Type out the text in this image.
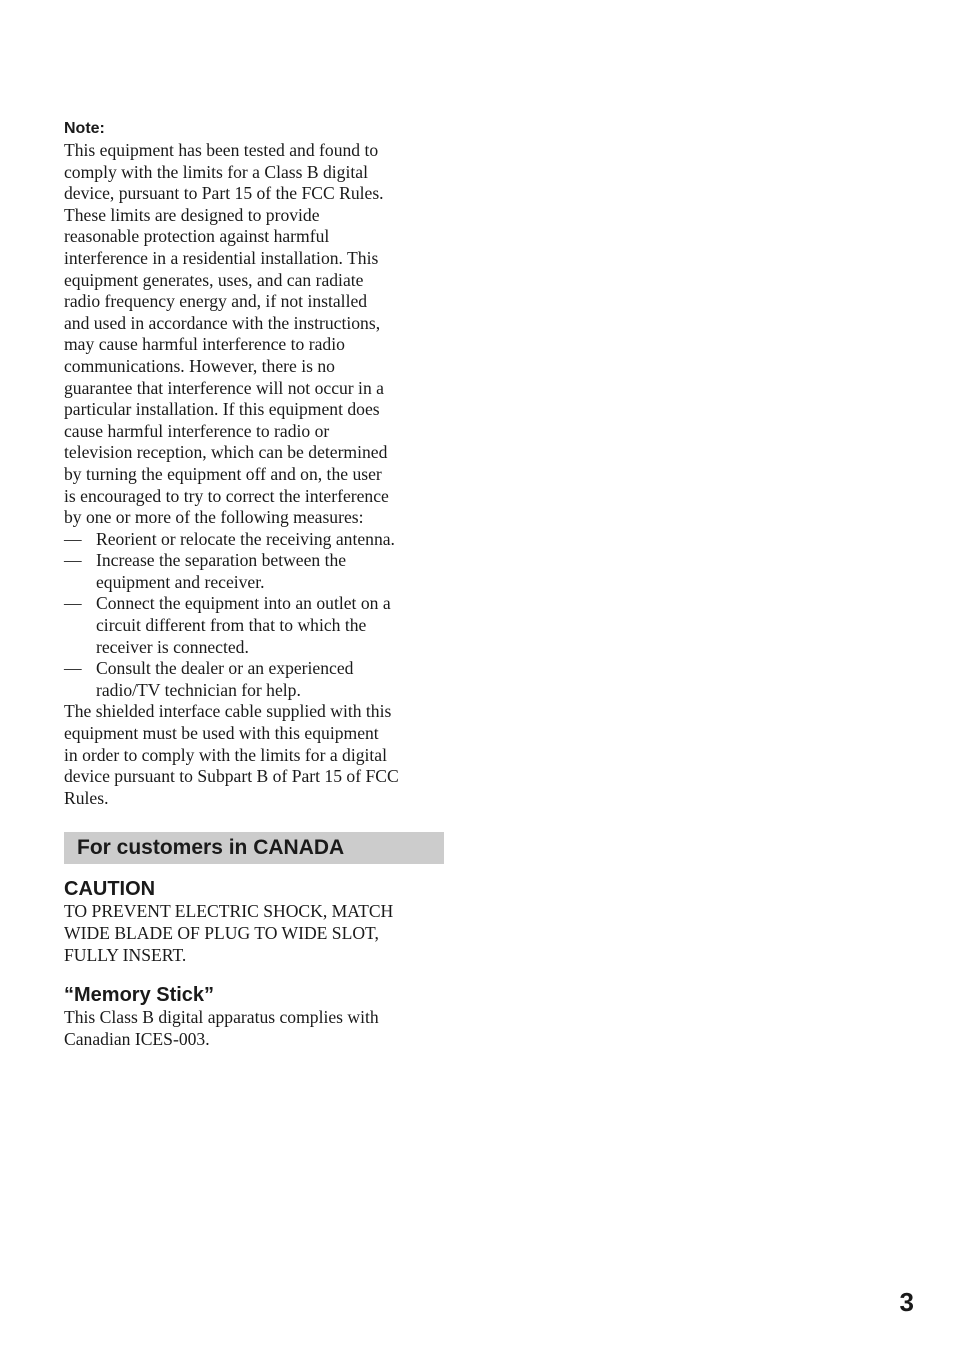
Note:

This equipment has been tested and found to
comply with the limits for a Class B digital
device, pursuant to Part 15 of the FCC Rules.
These limits are designed to provide
reasonable protection against harmful
interference in a residential installation. This
equipment generates, uses, and can radiate
radio frequency energy and, if not installed
and used in accordance with the instructions,
may cause harmful interference to radio
communications. However, there is no
guarantee that interference will not occur in a
particular installation. If this equipment does
cause harmful interference to radio or
television reception, which can be determined
by turning the equipment off and on, the user
is encouraged to try to correct the interference
by one or more of the following measures:
— Reorient or relocate the receiving antenna.
— Increase the separation between the
equipment and receiver.
— Connect the equipment into an outlet on a
circuit different from that to which the
receiver is connected.
— Consult the dealer or an experienced
radio/TV technician for help.
The shielded interface cable supplied with this
equipment must be used with this equipment
in order to comply with the limits for a digital
device pursuant to Subpart B of Part 15 of FCC
Rules.
For customers in CANADA

CAUTION

TO PREVENT ELECTRIC SHOCK, MATCH
WIDE BLADE OF PLUG TO WIDE SLOT,
FULLY INSERT.

“Memory Stick”

This Class B digital apparatus complies with
Canadian ICES-003.
3
